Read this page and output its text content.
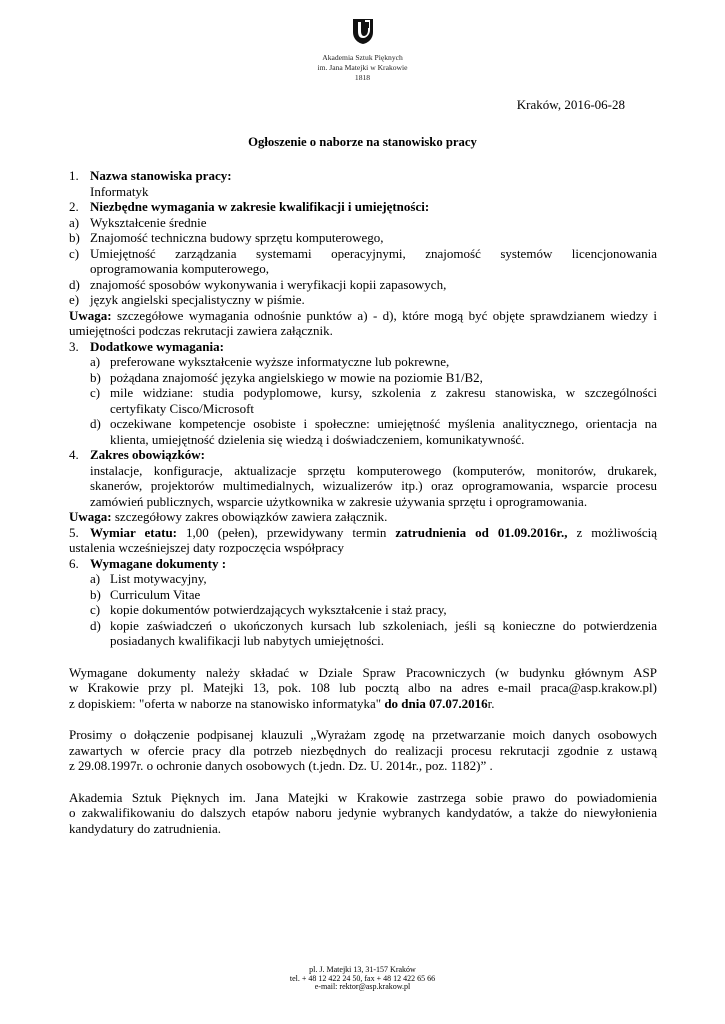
Akademia Sztuk Pięknych
im. Jana Matejki w Krakowie
1818
Kraków, 2016-06-28
Ogłoszenie o naborze na stanowisko pracy
1. Nazwa stanowiska pracy:
Informatyk
2. Niezbędne wymagania w zakresie kwalifikacji i umiejętności:
a) Wykształcenie średnie
b) Znajomość techniczna budowy sprzętu komputerowego,
c) Umiejętność zarządzania systemami operacyjnymi, znajomość systemów licencjonowania
oprogramowania komputerowego,
d) znajomość sposobów wykonywania i weryfikacji kopii zapasowych,
e) język angielski specjalistyczny w piśmie.
Uwaga: szczegółowe wymagania odnośnie punktów a) - d), które mogą być objęte sprawdzianem wiedzy i
umiejętności podczas rekrutacji zawiera załącznik.
3. Dodatkowe wymagania:
a) preferowane wykształcenie wyższe informatyczne lub pokrewne,
b) pożądana znajomość języka angielskiego w mowie na poziomie B1/B2,
c) mile widziane: studia podyplomowe, kursy, szkolenia z zakresu stanowiska, w szczególności
certyfikaty Cisco/Microsoft
d) oczekiwane kompetencje osobiste i społeczne: umiejętność myślenia analitycznego, orientacja na
klienta, umiejętność dzielenia się wiedzą i doświadczeniem, komunikatywność.
4. Zakres obowiązków:
instalacje, konfiguracje, aktualizacje sprzętu komputerowego (komputerów, monitorów, drukarek,
skanerów, projektorów multimedialnych, wizualizerów itp.) oraz oprogramowania, wsparcie procesu
zamówień publicznych, wsparcie użytkownika w zakresie używania sprzętu i oprogramowania.
Uwaga: szczegółowy zakres obowiązków zawiera załącznik.
5. Wymiar etatu: 1,00 (pełen), przewidywany termin zatrudnienia od 01.09.2016r., z możliwością
ustalenia wcześniejszej daty rozpoczęcia współpracy
6. Wymagane dokumenty :
a) List motywacyjny,
b) Curriculum Vitae
c) kopie dokumentów potwierdzających wykształcenie i staż pracy,
d) kopie zaświadczeń o ukończonych kursach lub szkoleniach, jeśli są konieczne do potwierdzenia
posiadanych kwalifikacji lub nabytych umiejętności.
Wymagane dokumenty należy składać w Dziale Spraw Pracowniczych (w budynku głównym ASP
w Krakowie przy pl. Matejki 13, pok. 108 lub pocztą albo na adres e-mail praca@asp.krakow.pl)
z dopiskiem: "oferta w naborze na stanowisko informatyka" do dnia 07.07.2016r.
Prosimy o dołączenie podpisanej klauzuli „Wyrażam zgodę na przetwarzanie moich danych osobowych
zawartych w ofercie pracy dla potrzeb niezbędnych do realizacji procesu rekrutacji zgodnie z ustawą
z 29.08.1997r. o ochronie danych osobowych (t.jedn. Dz. U. 2014r., poz. 1182)” .
Akademia Sztuk Pięknych im. Jana Matejki w Krakowie zastrzega sobie prawo do powiadomienia
o zakwalifikowaniu do dalszych etapów naboru jedynie wybranych kandydatów, a także do niewyłonienia
kandydatury do zatrudnienia.
pl. J. Matejki 13, 31-157 Kraków
tel. + 48 12 422 24 50, fax + 48 12 422 65 66
e-mail: rektor@asp.krakow.pl
